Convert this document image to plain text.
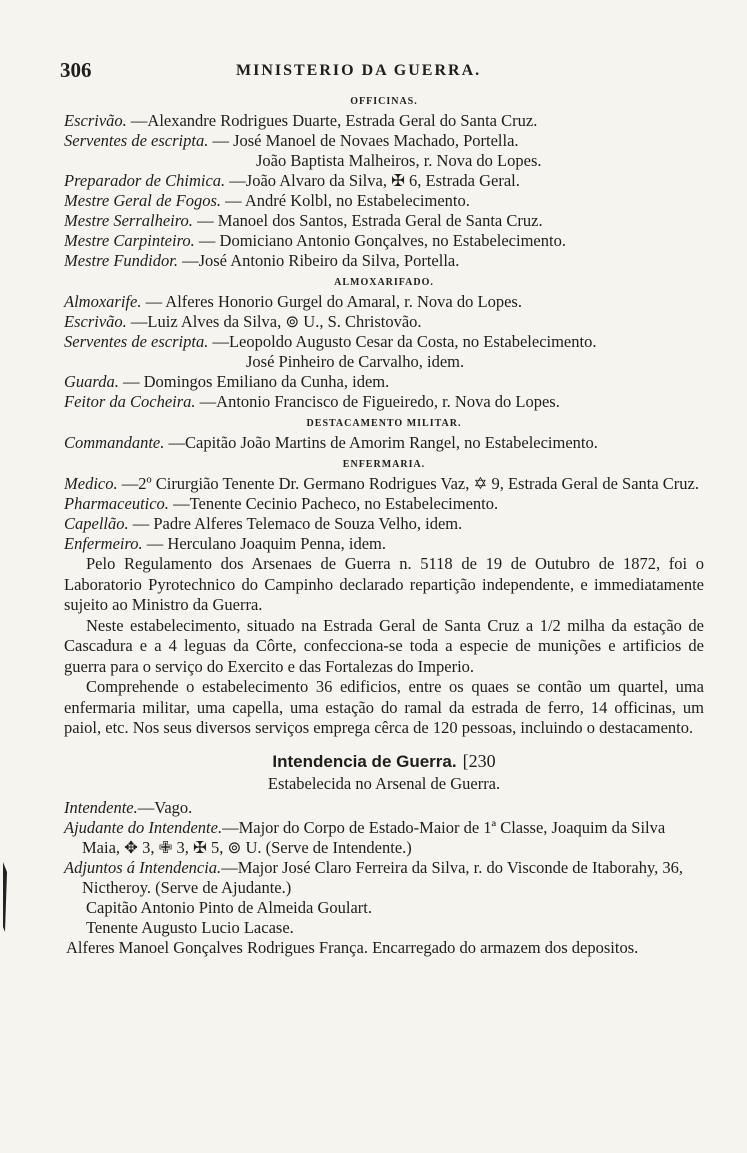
306	MINISTERIO DA GUERRA.
OFFICINAS.
Escrivão. —Alexandre Rodrigues Duarte, Estrada Geral do Santa Cruz.
Serventes de escripta. — José Manoel de Novaes Machado, Portella.
João Baptista Malheiros, r. Nova do Lopes.
Preparador de Chimica. —João Alvaro da Silva, ✠ 6, Estrada Geral.
Mestre Geral de Fogos. — André Kolbl, no Estabelecimento.
Mestre Serralheiro. — Manoel dos Santos, Estrada Geral de Santa Cruz.
Mestre Carpinteiro. — Domiciano Antonio Gonçalves, no Estabelecimento.
Mestre Fundidor. —José Antonio Ribeiro da Silva, Portella.
ALMOXARIFADO.
Almoxarife. — Alferes Honorio Gurgel do Amaral, r. Nova do Lopes.
Escrivão. —Luiz Alves da Silva, ⊚ U., S. Christovão.
Serventes de escripta. —Leopoldo Augusto Cesar da Costa, no Estabelecimento.
José Pinheiro de Carvalho, idem.
Guarda. — Domingos Emiliano da Cunha, idem.
Feitor da Cocheira. —Antonio Francisco de Figueiredo, r. Nova do Lopes.
DESTACAMENTO MILITAR.
Commandante. —Capitão João Martins de Amorim Rangel, no Estabelecimento.
ENFERMARIA.
Medico. —2º Cirurgião Tenente Dr. Germano Rodrigues Vaz, ✡ 9, Estrada Geral de Santa Cruz.
Pharmaceutico. —Tenente Cecinio Pacheco, no Estabelecimento.
Capellão. — Padre Alferes Telemaco de Souza Velho, idem.
Enfermeiro. — Herculano Joaquim Penna, idem.
Pelo Regulamento dos Arsenaes de Guerra n. 5118 de 19 de Outubro de 1872, foi o Laboratorio Pyrotechnico do Campinho declarado repartição independente, e immediatamente sujeito ao Ministro da Guerra.
Neste estabelecimento, situado na Estrada Geral de Santa Cruz a 1/2 milha da estação de Cascadura e a 4 leguas da Côrte, confecciona-se toda a especie de munições e artificios de guerra para o serviço do Exercito e das Fortalezas do Imperio.
Comprehende o estabelecimento 36 edificios, entre os quaes se contão um quartel, uma enfermaria militar, uma capella, uma estação do ramal da estrada de ferro, 14 officinas, um paiol, etc. Nos seus diversos serviços emprega cêrca de 120 pessoas, incluindo o destacamento.
Intendencia de Guerra. [230
Estabelecida no Arsenal de Guerra.
Intendente.—Vago.
Ajudante do Intendente.—Major do Corpo de Estado-Maior de 1ª Classe, Joaquim da Silva Maia, ✥ 3, ✙ 3, ✠ 5, ⊚ U. (Serve de Intendente.)
Adjuntos á Intendencia.—Major José Claro Ferreira da Silva, r. do Visconde de Itaborahy, 36, Nictheroy. (Serve de Ajudante.)
Capitão Antonio Pinto de Almeida Goulart.
Tenente Augusto Lucio Lacase.
Alferes Manoel Gonçalves Rodrigues França. Encarregado do armazem dos depositos.
